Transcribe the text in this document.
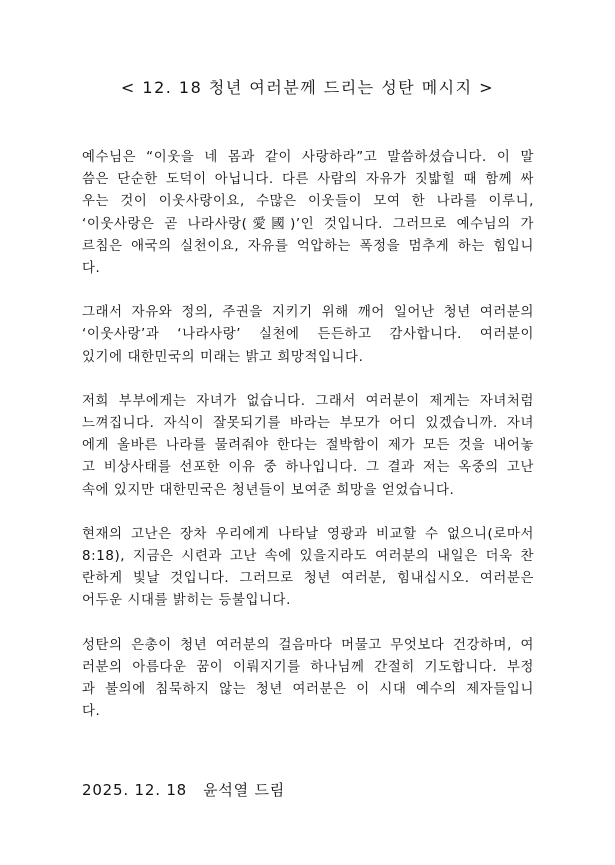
< 12. 18 청년 여러분께 드리는 성탄 메시지 >

예수님은 “이웃을 네 몸과 같이 사랑하라”고 말씀하셨습니다. 이 말
씀은 단순한 도덕이 아닙니다. 다른 사람의 자유가 짓밟힐 때 함께 싸
우는 것이 이웃사랑이요, 수많은 이웃들이 모여 한 나라를 이루니,
‘이웃사랑은 곧 나라사랑(愛國)’인 것입니다. 그러므로 예수님의 가
르침은 애국의 실천이요, 자유를 억압하는 폭정을 멈추게 하는 힘입니
다.

그래서 자유와 정의, 주권을 지키기 위해 깨어 일어난 청년 여러분의
‘이웃사랑’과 ‘나라사랑’ 실천에 든든하고 감사합니다. 여러분이
있기에 대한민국의 미래는 밝고 희망적입니다.

저희 부부에게는 자녀가 없습니다. 그래서 여러분이 제게는 자녀처럼
느껴집니다. 자식이 잘못되기를 바라는 부모가 어디 있겠습니까. 자녀
에게 올바른 나라를 물려줘야 한다는 절박함이 제가 모든 것을 내어놓
고 비상사태를 선포한 이유 중 하나입니다. 그 결과 저는 옥중의 고난
속에 있지만 대한민국은 청년들이 보여준 희망을 얻었습니다.

현재의 고난은 장차 우리에게 나타날 영광과 비교할 수 없으니(로마서
8:18), 지금은 시련과 고난 속에 있을지라도 여러분의 내일은 더욱 찬
란하게 빛날 것입니다. 그러므로 청년 여러분, 힘내십시오. 여러분은
어두운 시대를 밝히는 등불입니다.

성탄의 은총이 청년 여러분의 걸음마다 머물고 무엇보다 건강하며, 여
러분의 아름다운 꿈이 이뤄지기를 하나님께 간절히 기도합니다. 부정
과 불의에 침묵하지 않는 청년 여러분은 이 시대 예수의 제자들입니
다.

2025. 12. 18 윤석열 드림
